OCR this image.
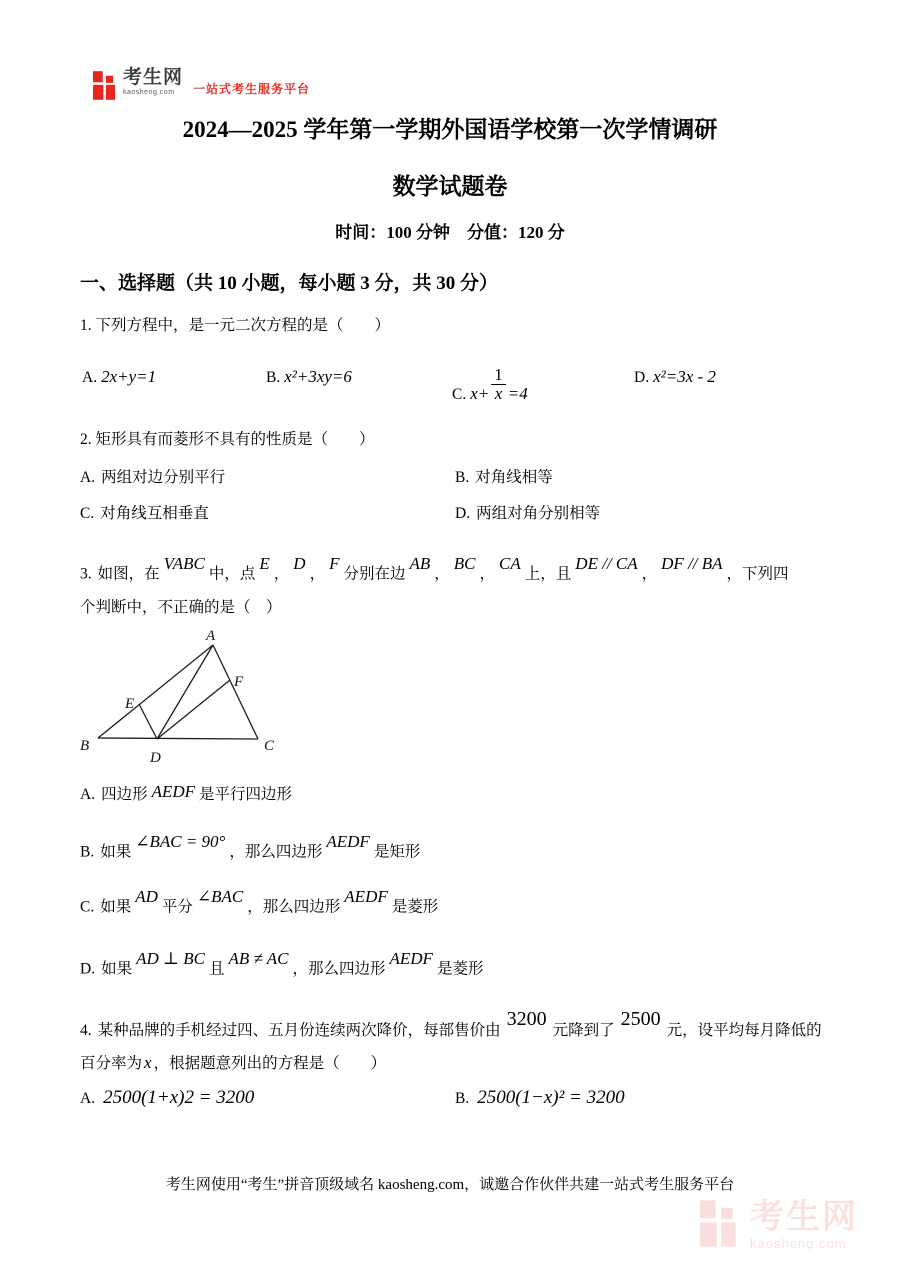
考生网
kaosheng.com	一站式考生服务平台
2024—2025 学年第一学期外国语学校第一次学情调研
数学试题卷
时间：100 分钟　分值：120 分
一、选择题（共 10 小题，每小题 3 分，共 30 分）
1. 下列方程中，是一元二次方程的是（　　）
A. 2x+y=1	B. x²+3xy=6
C. $x+ \frac{1}{x} =4$
D. x²=3x - 2
2. 矩形具有而菱形不具有的性质是（　　）
A. 两组对边分别平行	B. 对角线相等
C. 对角线互相垂直	D. 两组对角分别相等
3. 如图，在VABC中，点E，D，F分别在边AB，BC，CA上，且DE // CA，DF // BA，下列四
个判断中，不正确的是（　）
A
B	C
D
E
F
A. 四边形 AEDF 是平行四边形
B. 如果∠BAC = 90°，那么四边形AEDF是矩形
C. 如果AD平分∠BAC，那么四边形AEDF是菱形
D. 如果AD ⊥ BC且AB ≠ AC，那么四边形AEDF是菱形
4. 某种品牌的手机经过四、五月份连续两次降价，每部售价由3200元降到了2500元，设平均每月降低的
百分率为 x ，根据题意列出的方程是（　　）
A. 2500(1+x)2 = 3200	B. 2500(1−x)² = 3200
考生网使用“考生”拼音顶级域名 kaosheng.com，诚邀合作伙伴共建一站式考生服务平台
考生网
kaosheng.com
